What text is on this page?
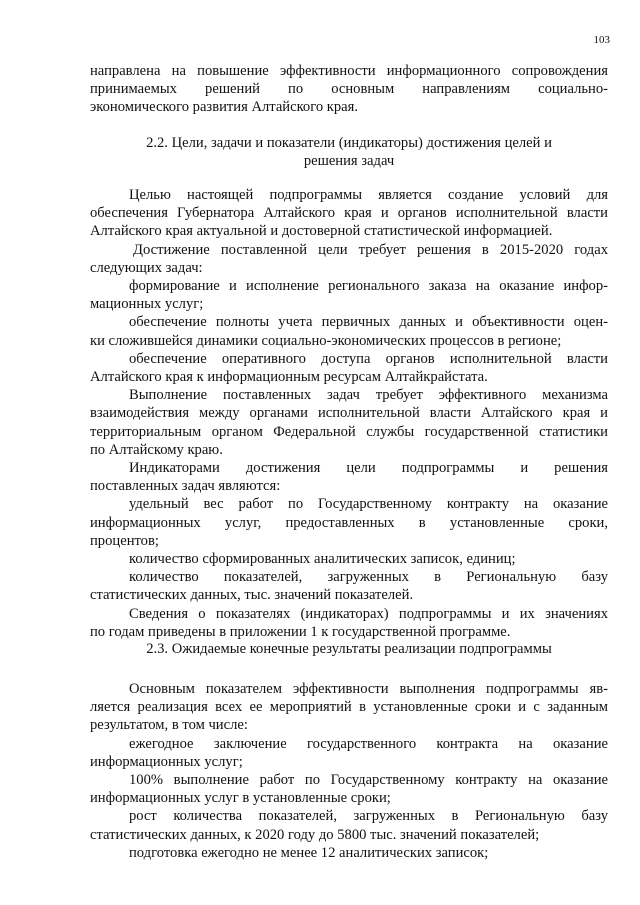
103
направлена на повышение эффективности информационного сопровождения
принимаемых решений по основным направлениям социально-
экономического развития Алтайского края.
2.2. Цели, задачи и показатели (индикаторы) достижения целей и
решения задач
Целью настоящей подпрограммы является создание условий для
обеспечения Губернатора Алтайского края и органов исполнительной власти
Алтайского края актуальной и достоверной статистической информацией.
Достижение поставленной цели требует решения в 2015-2020 годах
следующих задач:
формирование и исполнение регионального заказа на оказание инфор-
мационных услуг;
обеспечение полноты учета первичных данных и объективности оцен-
ки сложившейся динамики социально-экономических процессов в регионе;
обеспечение оперативного доступа органов исполнительной власти
Алтайского края к информационным ресурсам Алтайкрайстата.
Выполнение поставленных задач требует эффективного механизма
взаимодействия между органами исполнительной власти Алтайского края и
территориальным органом Федеральной службы государственной статистики
по Алтайскому краю.
Индикаторами достижения цели подпрограммы и решения
поставленных задач являются:
удельный вес работ по Государственному контракту на оказание
информационных услуг, предоставленных в установленные сроки,
процентов;
количество сформированных аналитических записок, единиц;
количество показателей, загруженных в Региональную базу
статистических данных, тыс. значений показателей.
Сведения о показателях (индикаторах) подпрограммы и их значениях
по годам приведены в приложении 1 к государственной программе.
2.3. Ожидаемые конечные результаты реализации подпрограммы
Основным показателем эффективности выполнения подпрограммы яв-
ляется реализация всех ее мероприятий в установленные сроки и с заданным
результатом, в том числе:
ежегодное заключение государственного контракта на оказание
информационных услуг;
100% выполнение работ по Государственному контракту на оказание
информационных услуг в установленные сроки;
рост количества показателей, загруженных в Региональную базу
статистических данных, к 2020 году до 5800 тыс. значений показателей;
подготовка ежегодно не менее 12 аналитических записок;
